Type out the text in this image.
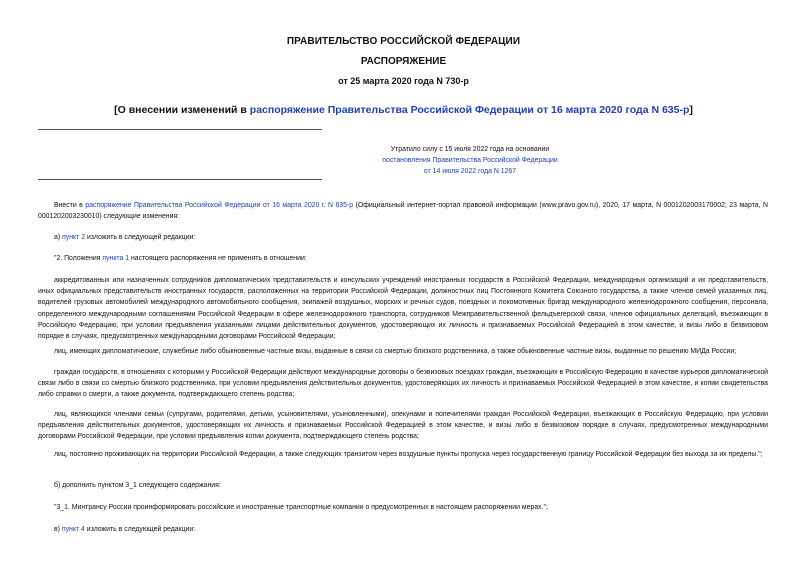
ПРАВИТЕЛЬСТВО РОССИЙСКОЙ ФЕДЕРАЦИИ
РАСПОРЯЖЕНИЕ
от 25 марта 2020 года N 730-р
[О внесении изменений в распоряжение Правительства Российской Федерации от 16 марта 2020 года N 635-р]
Утратило силу с 15 июля 2022 года на основании
постановления Правительства Российской Федерации
от 14 июля 2022 года N 1267
Внести в распоряжение Правительства Российской Федерации от 16 марта 2020 г. N 635-р (Официальный интернет-портал правовой информации (www.pravo.gov.ru), 2020, 17 марта, N 0001202003170002; 23 марта, N 0001202003230010) следующие изменения:
а) пункт 2 изложить в следующей редакции:
"2. Положения пункта 1 настоящего распоряжения не применять в отношении:
аккредитованных или назначенных сотрудников дипломатических представительств и консульских учреждений иностранных государств в Российской Федерации, международных организаций и их представительств, иных официальных представительств иностранных государств, расположенных на территории Российской Федерации, должностных лиц Постоянного Комитета Союзного государства, а также членов семей указанных лиц, водителей грузовых автомобилей международного автомобильного сообщения, экипажей воздушных, морских и речных судов, поездных и локомотивных бригад международного железнодорожного сообщения, персонала, определенного международными соглашениями Российской Федерации в сфере железнодорожного транспорта, сотрудников Межправительственной фельдъегерской связи, членов официальных делегаций, въезжающих в Российскую Федерацию, при условии предъявления указанными лицами действительных документов, удостоверяющих их личность и признаваемых Российской Федерацией в этом качестве, и визы либо в безвизовом порядке в случаях, предусмотренных международными договорами Российской Федерации;
лиц, имеющих дипломатические, служебные либо обыкновенные частные визы, выданные в связи со смертью близкого родственника, а также обыкновенные частные визы, выданные по решению МИДа России;
граждан государств, в отношениях с которыми у Российской Федерации действуют международные договоры о безвизовых поездках граждан, въезжающих в Российскую Федерацию в качестве курьеров дипломатической связи либо в связи со смертью близкого родственника, при условии предъявления действительных документов, удостоверяющих их личность и признаваемых Российской Федерацией в этом качестве, и копии свидетельства либо справки о смерти, а также документа, подтверждающего степень родства;
лиц, являющихся членами семьи (супругами, родителями, детьми, усыновителями, усыновленными), опекунами и попечителями граждан Российской Федерации, въезжающих в Российскую Федерацию, при условии предъявления действительных документов, удостоверяющих их личность и признаваемых Российской Федерацией в этом качестве, и визы либо в безвизовом порядке в случаях, предусмотренных международными договорами Российской Федерации, при условии предъявления копии документа, подтверждающего степень родства;
лиц, постоянно проживающих на территории Российской Федерации, а также следующих транзитом через воздушные пункты пропуска через государственную границу Российской Федерации без выхода за их пределы.";
б) дополнить пунктом 3_1 следующего содержания:
"3_1. Минтрансу России проинформировать российские и иностранные транспортные компании о предусмотренных в настоящем распоряжении мерах.";
в) пункт 4 изложить в следующей редакции:
